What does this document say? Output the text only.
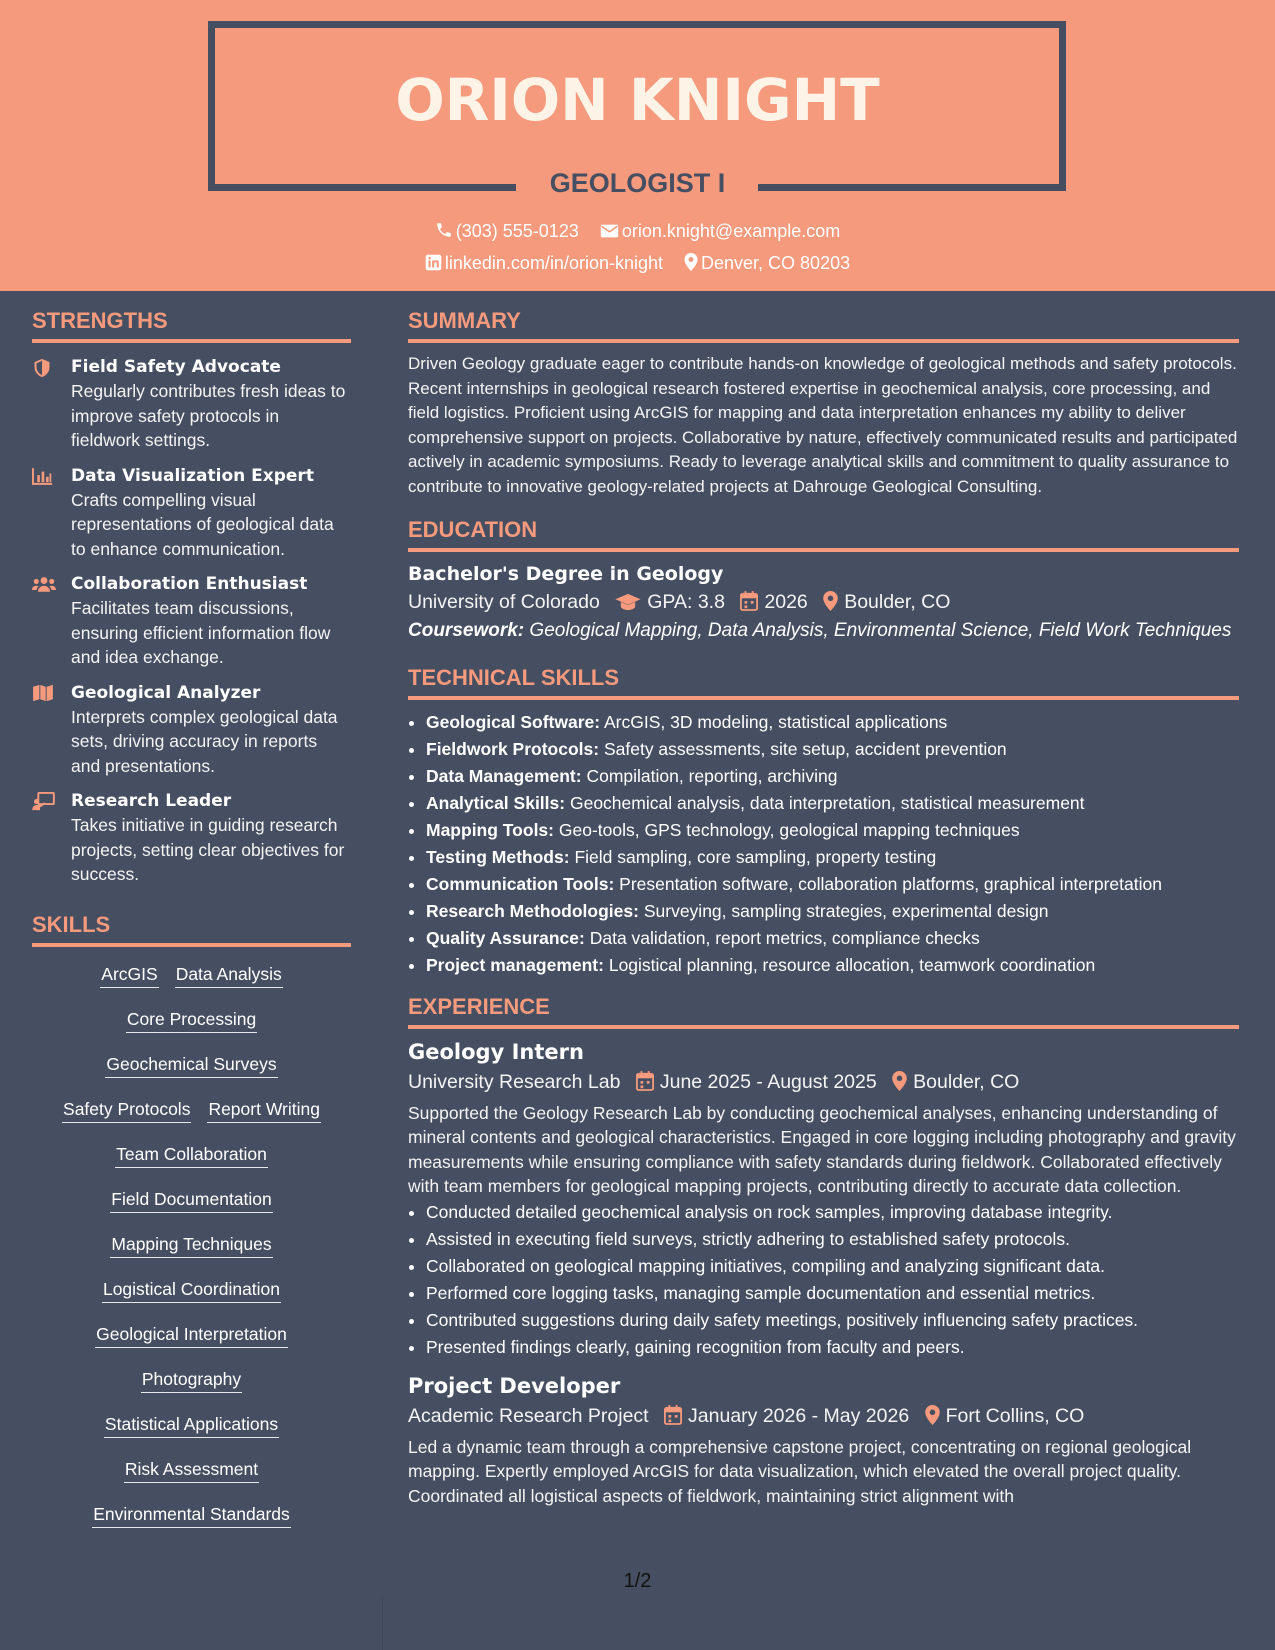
ORION KNIGHT
GEOLOGIST I
(303) 555-0123 orion.knight@example.com
linkedin.com/in/orion-knight Denver, CO 80203
STRENGTHS
Field Safety Advocate
Regularly contributes fresh ideas to improve safety protocols in fieldwork settings.
Data Visualization Expert
Crafts compelling visual representations of geological data to enhance communication.
Collaboration Enthusiast
Facilitates team discussions, ensuring efficient information flow and idea exchange.
Geological Analyzer
Interprets complex geological data sets, driving accuracy in reports and presentations.
Research Leader
Takes initiative in guiding research projects, setting clear objectives for success.
SKILLS
ArcGIS Data Analysis
Core Processing
Geochemical Surveys
Safety Protocols Report Writing
Team Collaboration
Field Documentation
Mapping Techniques
Logistical Coordination
Geological Interpretation
Photography
Statistical Applications
Risk Assessment
Environmental Standards
SUMMARY
Driven Geology graduate eager to contribute hands-on knowledge of geological methods and safety protocols. Recent internships in geological research fostered expertise in geochemical analysis, core processing, and field logistics. Proficient using ArcGIS for mapping and data interpretation enhances my ability to deliver comprehensive support on projects. Collaborative by nature, effectively communicated results and participated actively in academic symposiums. Ready to leverage analytical skills and commitment to quality assurance to contribute to innovative geology-related projects at Dahrouge Geological Consulting.
EDUCATION
Bachelor's Degree in Geology
University of Colorado GPA: 3.8 2026 Boulder, CO
Coursework: Geological Mapping, Data Analysis, Environmental Science, Field Work Techniques
TECHNICAL SKILLS
• Geological Software: ArcGIS, 3D modeling, statistical applications
• Fieldwork Protocols: Safety assessments, site setup, accident prevention
• Data Management: Compilation, reporting, archiving
• Analytical Skills: Geochemical analysis, data interpretation, statistical measurement
• Mapping Tools: Geo-tools, GPS technology, geological mapping techniques
• Testing Methods: Field sampling, core sampling, property testing
• Communication Tools: Presentation software, collaboration platforms, graphical interpretation
• Research Methodologies: Surveying, sampling strategies, experimental design
• Quality Assurance: Data validation, report metrics, compliance checks
• Project management: Logistical planning, resource allocation, teamwork coordination
EXPERIENCE
Geology Intern
University Research Lab June 2025 - August 2025 Boulder, CO
Supported the Geology Research Lab by conducting geochemical analyses, enhancing understanding of mineral contents and geological characteristics. Engaged in core logging including photography and gravity measurements while ensuring compliance with safety standards during fieldwork. Collaborated effectively with team members for geological mapping projects, contributing directly to accurate data collection.
• Conducted detailed geochemical analysis on rock samples, improving database integrity.
• Assisted in executing field surveys, strictly adhering to established safety protocols.
• Collaborated on geological mapping initiatives, compiling and analyzing significant data.
• Performed core logging tasks, managing sample documentation and essential metrics.
• Contributed suggestions during daily safety meetings, positively influencing safety practices.
• Presented findings clearly, gaining recognition from faculty and peers.
Project Developer
Academic Research Project January 2026 - May 2026 Fort Collins, CO
Led a dynamic team through a comprehensive capstone project, concentrating on regional geological mapping. Expertly employed ArcGIS for data visualization, which elevated the overall project quality. Coordinated all logistical aspects of fieldwork, maintaining strict alignment with
1/2
